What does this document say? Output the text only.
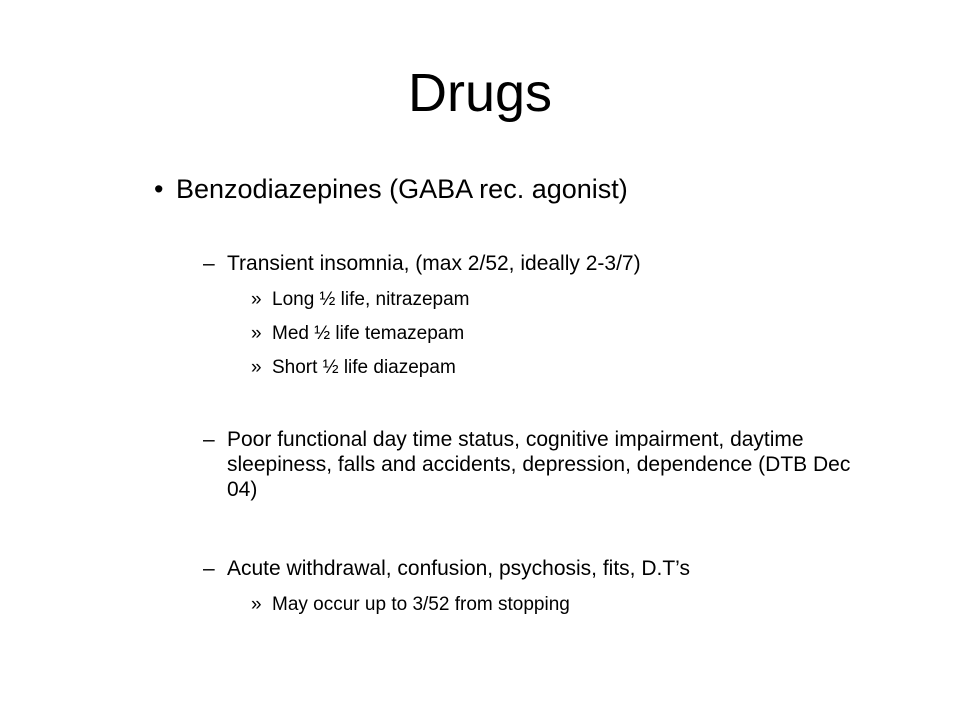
Drugs
• Benzodiazepines (GABA rec. agonist)
– Transient insomnia, (max 2/52, ideally 2-3/7)
» Long ½ life, nitrazepam
» Med ½ life temazepam
» Short ½ life diazepam
– Poor functional day time status, cognitive impairment, daytime sleepiness, falls and accidents, depression, dependence (DTB Dec 04)
– Acute withdrawal, confusion, psychosis, fits, D.T’s
» May occur up to 3/52 from stopping
